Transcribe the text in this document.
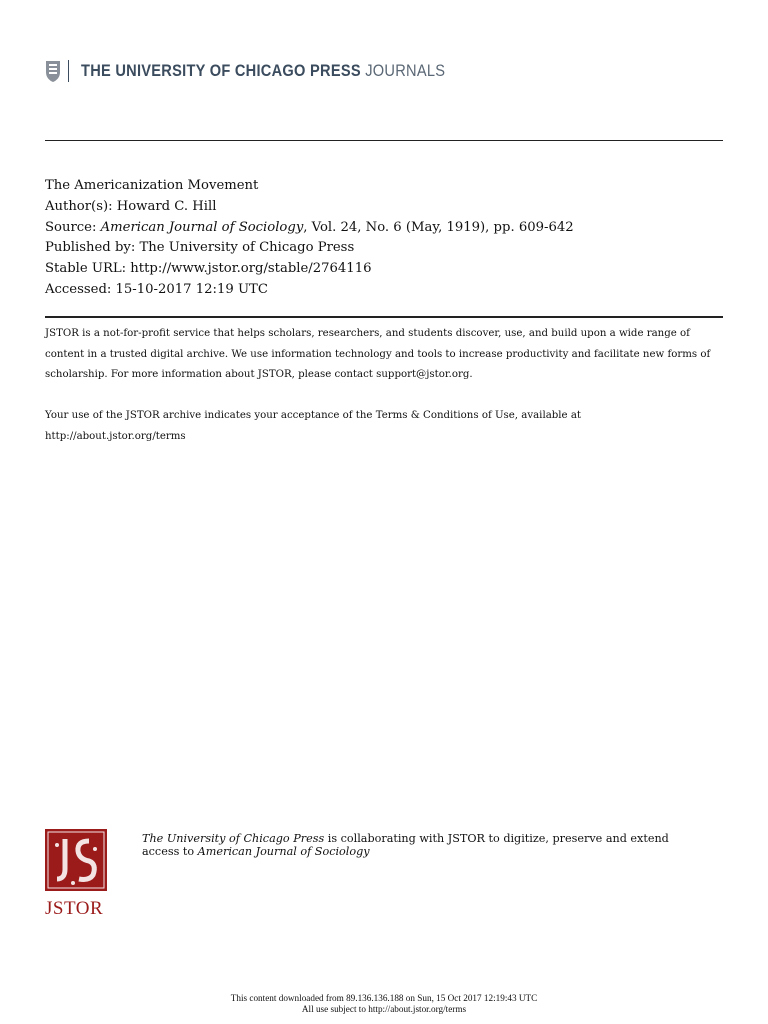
THE UNIVERSITY OF CHICAGO PRESS JOURNALS
The Americanization Movement
Author(s): Howard C. Hill
Source: American Journal of Sociology, Vol. 24, No. 6 (May, 1919), pp. 609-642
Published by: The University of Chicago Press
Stable URL: http://www.jstor.org/stable/2764116
Accessed: 15-10-2017 12:19 UTC

JSTOR is a not-for-profit service that helps scholars, researchers, and students discover, use, and build upon a wide range of content in a trusted digital archive. We use information technology and tools to increase productivity and facilitate new forms of scholarship. For more information about JSTOR, please contact support@jstor.org.

Your use of the JSTOR archive indicates your acceptance of the Terms & Conditions of Use, available at
http://about.jstor.org/terms

JSTOR
The University of Chicago Press is collaborating with JSTOR to digitize, preserve and extend access to American Journal of Sociology
This content downloaded from 89.136.136.188 on Sun, 15 Oct 2017 12:19:43 UTC
All use subject to http://about.jstor.org/terms
